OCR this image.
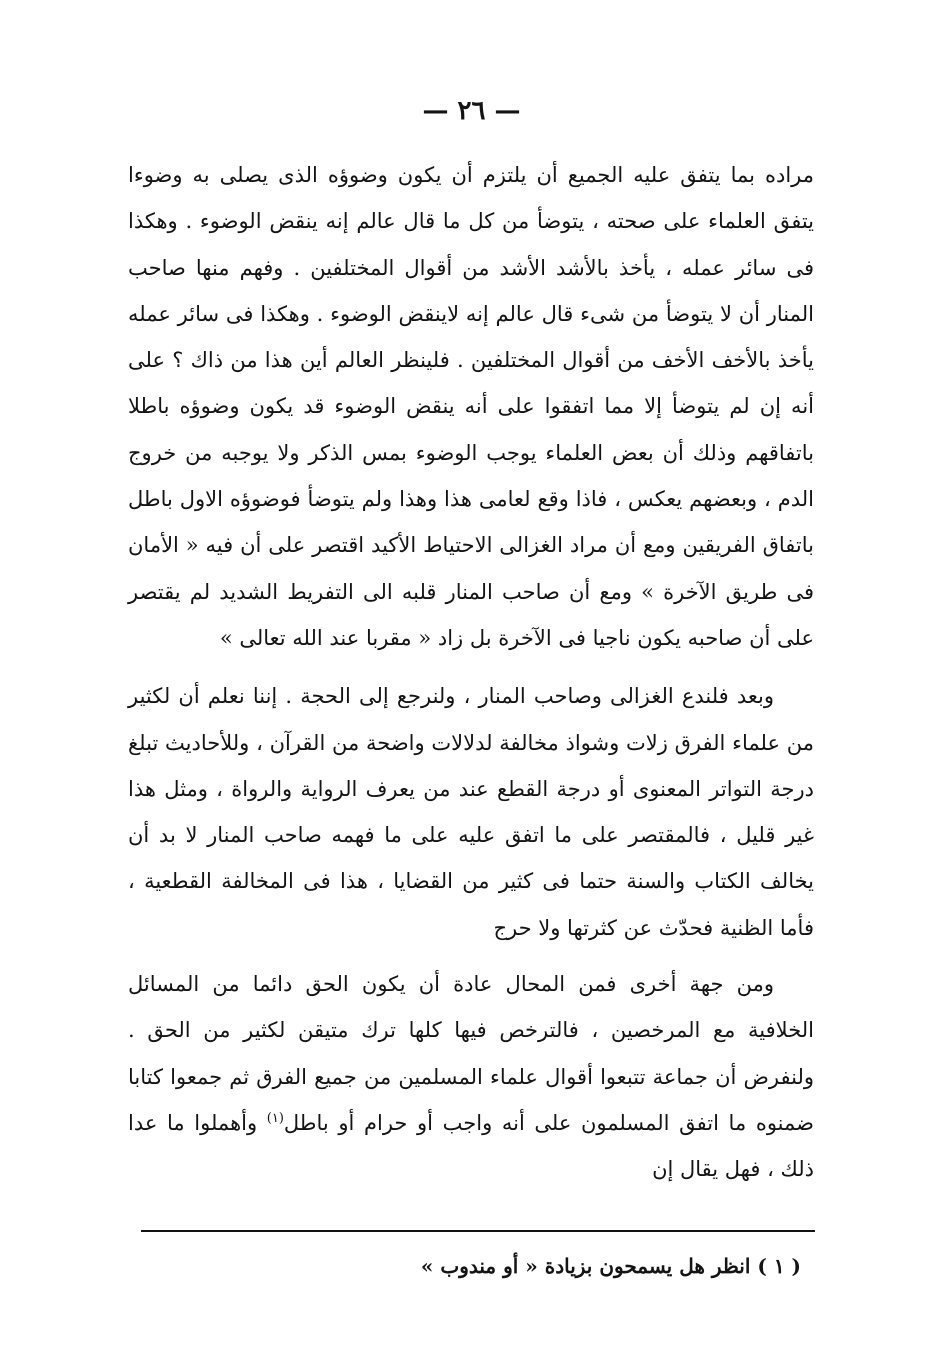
— ٢٦ —

مراده بما يتفق عليه الجميع أن يلتزم أن يكون وضوؤه الذى يصلى به وضوءا يتفق العلماء على صحته ، يتوضأ من كل ما قال عالم إنه ينقض الوضوء . وهكذا فى سائر عمله ، يأخذ بالأشد الأشد من أقوال المختلفين . وفهم منها صاحب المنار أن لا يتوضأ من شىء قال عالم إنه لاينقض الوضوء . وهكذا فى سائر عمله يأخذ بالأخف الأخف من أقوال المختلفين . فلينظر العالم أين هذا من ذاك ؟ على أنه إن لم يتوضأ إلا مما اتفقوا على أنه ينقض الوضوء قد يكون وضوؤه باطلا باتفاقهم وذلك أن بعض العلماء يوجب الوضوء بمس الذكر ولا يوجبه من خروج الدم ، وبعضهم يعكس ، فاذا وقع لعامى هذا وهذا ولم يتوضأ فوضوؤه الاول باطل باتفاق الفريقين ومع أن مراد الغزالى الاحتياط الأكيد اقتصر على أن فيه « الأمان فى طريق الآخرة » ومع أن صاحب المنار قلبه الى التفريط الشديد لم يقتصر على أن صاحبه يكون ناجيا فى الآخرة بل زاد « مقربا عند الله تعالى »

وبعد فلندع الغزالى وصاحب المنار ، ولنرجع إلى الحجة . إننا نعلم أن لكثير من علماء الفرق زلات وشواذ مخالفة لدلالات واضحة من القرآن ، وللأحاديث تبلغ درجة التواتر المعنوى أو درجة القطع عند من يعرف الرواية والرواة ، ومثل هذا غير قليل ، فالمقتصر على ما اتفق عليه على ما فهمه صاحب المنار لا بد أن يخالف الكتاب والسنة حتما فى كثير من القضايا ، هذا فى المخالفة القطعية ، فأما الظنية فحدّث عن كثرتها ولا حرج

ومن جهة أخرى فمن المحال عادة أن يكون الحق دائما من المسائل الخلافية مع المرخصين ، فالترخص فيها كلها ترك متيقن لكثير من الحق . ولنفرض أن جماعة تتبعوا أقوال علماء المسلمين من جميع الفرق ثم جمعوا كتابا ضمنوه ما اتفق المسلمون على أنه واجب أو حرام أو باطل$^{(١)}$ وأهملوا ما عدا ذلك ، فهل يقال إن

( ١ ) انظر هل يسمحون بزيادة « أو مندوب »
